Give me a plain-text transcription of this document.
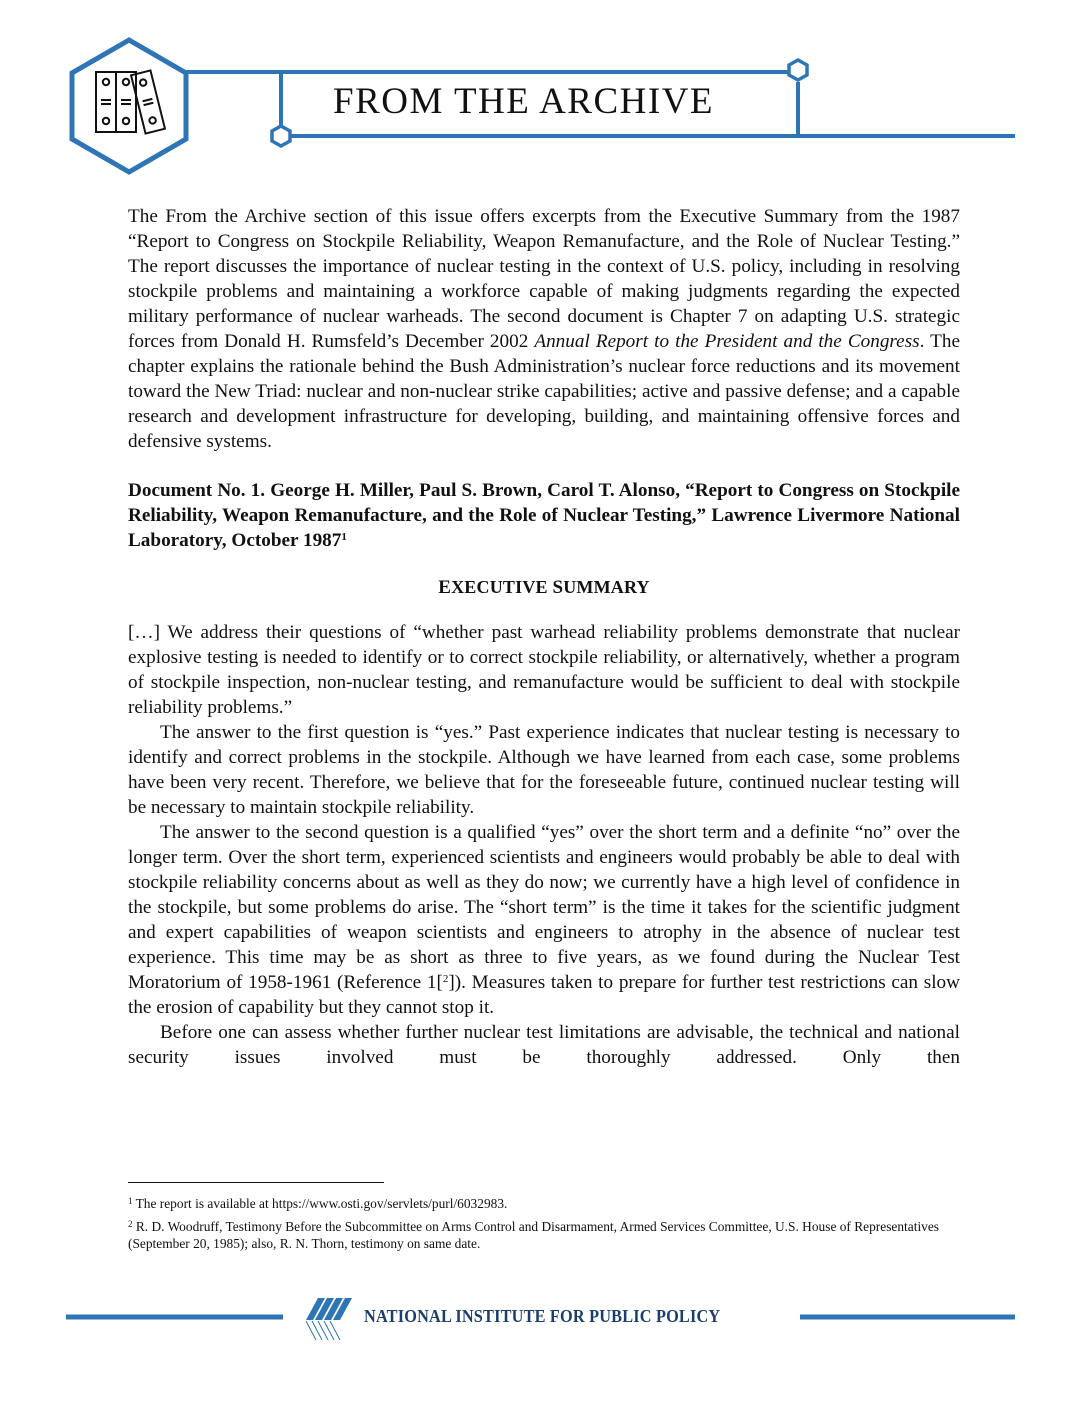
FROM THE ARCHIVE

The From the Archive section of this issue offers excerpts from the Executive Summary from the 1987 “Report to Congress on Stockpile Reliability, Weapon Remanufacture, and the Role of Nuclear Testing.” The report discusses the importance of nuclear testing in the context of U.S. policy, including in resolving stockpile problems and maintaining a workforce capable of making judgments regarding the expected military performance of nuclear warheads. The second document is Chapter 7 on adapting U.S. strategic forces from Donald H. Rumsfeld’s December 2002 Annual Report to the President and the Congress. The chapter explains the rationale behind the Bush Administration’s nuclear force reductions and its movement toward the New Triad: nuclear and non-nuclear strike capabilities; active and passive defense; and a capable research and development infrastructure for developing, building, and maintaining offensive forces and defensive systems.

Document No. 1. George H. Miller, Paul S. Brown, Carol T. Alonso, “Report to Congress on Stockpile Reliability, Weapon Remanufacture, and the Role of Nuclear Testing,” Lawrence Livermore National Laboratory, October 1987$^1$

EXECUTIVE SUMMARY

[…] We address their questions of “whether past warhead reliability problems demonstrate that nuclear explosive testing is needed to identify or to correct stockpile reliability, or alternatively, whether a program of stockpile inspection, non-nuclear testing, and remanufacture would be sufficient to deal with stockpile reliability problems.”

The answer to the first question is “yes.” Past experience indicates that nuclear testing is necessary to identify and correct problems in the stockpile. Although we have learned from each case, some problems have been very recent. Therefore, we believe that for the foreseeable future, continued nuclear testing will be necessary to maintain stockpile reliability.

The answer to the second question is a qualified “yes” over the short term and a definite “no” over the longer term. Over the short term, experienced scientists and engineers would probably be able to deal with stockpile reliability concerns about as well as they do now; we currently have a high level of confidence in the stockpile, but some problems do arise. The “short term” is the time it takes for the scientific judgment and expert capabilities of weapon scientists and engineers to atrophy in the absence of nuclear test experience. This time may be as short as three to five years, as we found during the Nuclear Test Moratorium of 1958-1961 (Reference 1[$^2$]). Measures taken to prepare for further test restrictions can slow the erosion of capability but they cannot stop it.

Before one can assess whether further nuclear test limitations are advisable, the technical and national security issues involved must be thoroughly addressed. Only then

$^1$ The report is available at https://www.osti.gov/servlets/purl/6032983.
$^2$ R. D. Woodruff, Testimony Before the Subcommittee on Arms Control and Disarmament, Armed Services Committee, U.S. House of Representatives (September 20, 1985); also, R. N. Thorn, testimony on same date.
NATIONAL INSTITUTE FOR PUBLIC POLICY
